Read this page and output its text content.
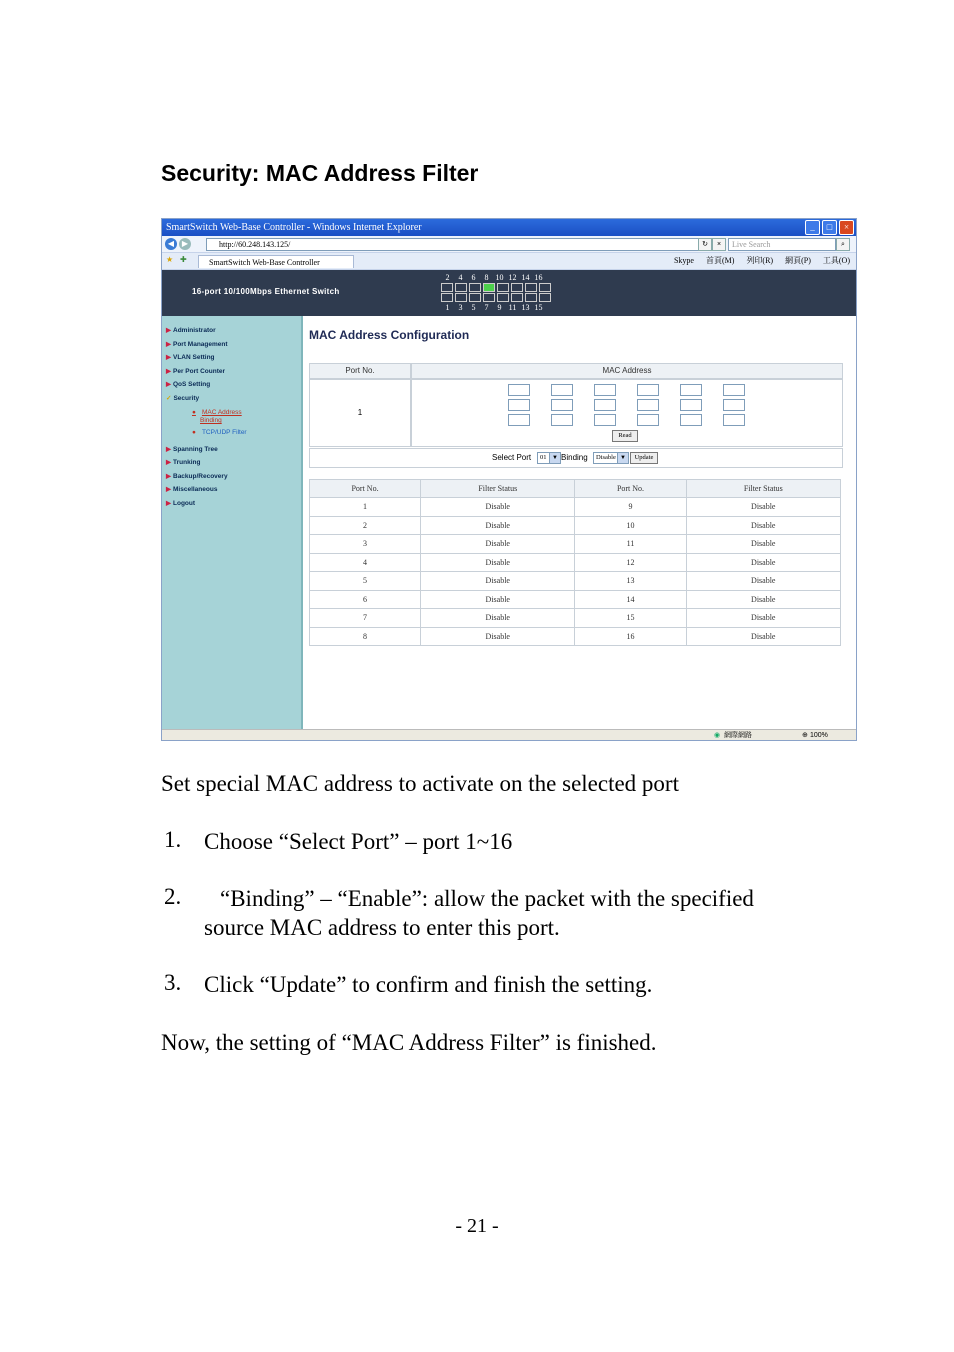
Security: MAC Address Filter
SmartSwitch Web-Base Controller - Windows Internet Explorer	_	□	×
◀ ▶	http://60.248.143.125/	↻	×	Live Search	⌕
★ ✚	SmartSwitch Web-Base Controller	Skype 首頁(M) 列印(R) 網頁(P) 工具(O)
16-port 10/100Mbps Ethernet Switch
2	4	6	8 10 12 14 16
1	3	5	7	9 11 13 15
▶ Administrator
▶ Port Management
▶ VLAN Setting
▶ Per Port Counter
▶ QoS Setting
✓ Security
● MAC Address
Binding
● TCP/UDP Filter
▶ Spanning Tree
▶ Trunking
▶ Backup/Recovery
▶ Miscellaneous
▶ Logout
MAC Address Configuration
Port No.	MAC Address
1
Read
Select Port	01 ▼ Binding	Disable ▼	Update
Port No.	Filter Status	Port No.	Filter Status
1	Disable	9	Disable
2	Disable	10	Disable
3	Disable	11	Disable
4	Disable	12	Disable
5	Disable	13	Disable
6	Disable	14	Disable
7	Disable	15	Disable
8	Disable	16	Disable
◉ 網際網路	⊕ 100%
Set special MAC address to activate on the selected port
1. Choose “Select Port” – port 1~16
2. “Binding” – “Enable”: allow the packet with the specified
source MAC address to enter this port.
3. Click “Update” to confirm and finish the setting.
Now, the setting of “MAC Address Filter” is finished.
- 21 -
